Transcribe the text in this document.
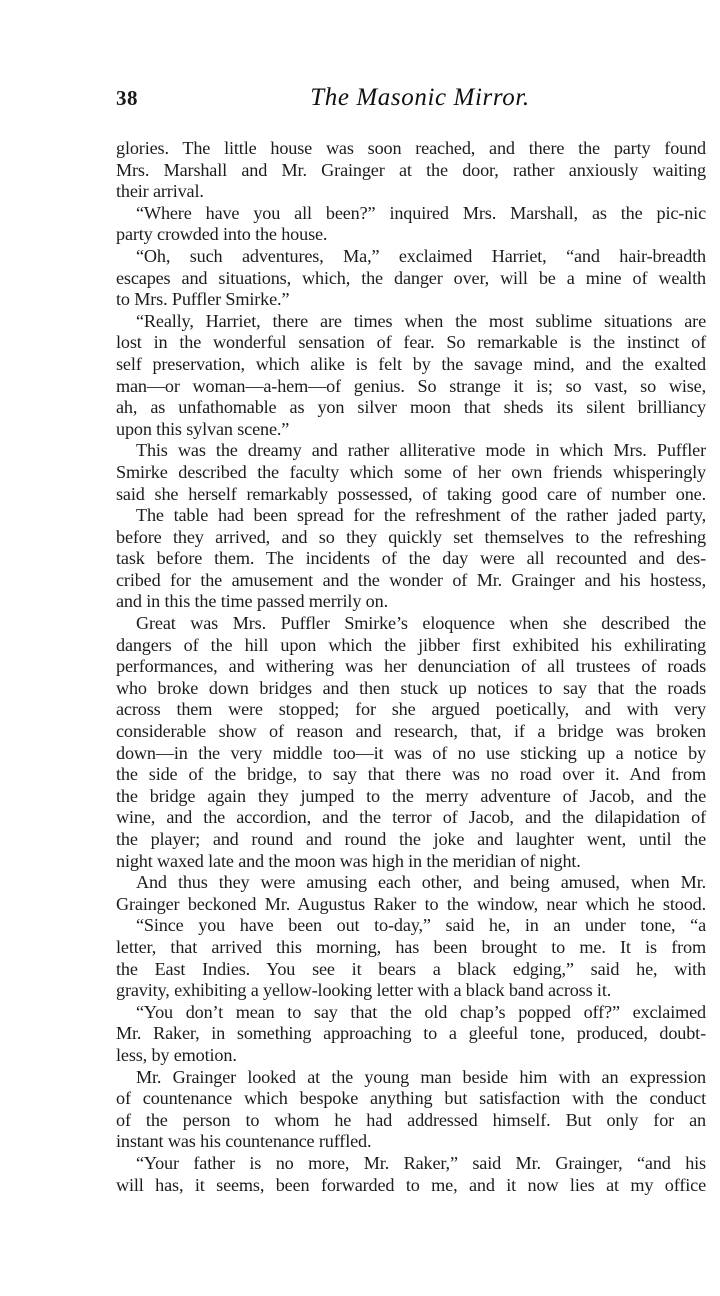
38	The Masonic Mirror.
glories. The little house was soon reached, and there the party found
Mrs. Marshall and Mr. Grainger at the door, rather anxiously waiting
their arrival.
“Where have you all been?” inquired Mrs. Marshall, as the pic-nic
party crowded into the house.
“Oh, such adventures, Ma,” exclaimed Harriet, “and hair-breadth
escapes and situations, which, the danger over, will be a mine of wealth
to Mrs. Puffler Smirke.”
“Really, Harriet, there are times when the most sublime situations are
lost in the wonderful sensation of fear. So remarkable is the instinct of
self preservation, which alike is felt by the savage mind, and the exalted
man—or woman—a-hem—of genius. So strange it is; so vast, so wise,
ah, as unfathomable as yon silver moon that sheds its silent brilliancy
upon this sylvan scene.”
This was the dreamy and rather alliterative mode in which Mrs. Puffler
Smirke described the faculty which some of her own friends whisperingly
said she herself remarkably possessed, of taking good care of number one.
The table had been spread for the refreshment of the rather jaded party,
before they arrived, and so they quickly set themselves to the refreshing
task before them. The incidents of the day were all recounted and des-
cribed for the amusement and the wonder of Mr. Grainger and his hostess,
and in this the time passed merrily on.
Great was Mrs. Puffler Smirke’s eloquence when she described the
dangers of the hill upon which the jibber first exhibited his exhilirating
performances, and withering was her denunciation of all trustees of roads
who broke down bridges and then stuck up notices to say that the roads
across them were stopped; for she argued poetically, and with very
considerable show of reason and research, that, if a bridge was broken
down—in the very middle too—it was of no use sticking up a notice by
the side of the bridge, to say that there was no road over it. And from
the bridge again they jumped to the merry adventure of Jacob, and the
wine, and the accordion, and the terror of Jacob, and the dilapidation of
the player; and round and round the joke and laughter went, until the
night waxed late and the moon was high in the meridian of night.
And thus they were amusing each other, and being amused, when Mr.
Grainger beckoned Mr. Augustus Raker to the window, near which he stood.
“Since you have been out to-day,” said he, in an under tone, “a
letter, that arrived this morning, has been brought to me. It is from
the East Indies. You see it bears a black edging,” said he, with
gravity, exhibiting a yellow-looking letter with a black band across it.
“You don’t mean to say that the old chap’s popped off?” exclaimed
Mr. Raker, in something approaching to a gleeful tone, produced, doubt-
less, by emotion.
Mr. Grainger looked at the young man beside him with an expression
of countenance which bespoke anything but satisfaction with the conduct
of the person to whom he had addressed himself. But only for an
instant was his countenance ruffled.
“Your father is no more, Mr. Raker,” said Mr. Grainger, “and his
will has, it seems, been forwarded to me, and it now lies at my office
